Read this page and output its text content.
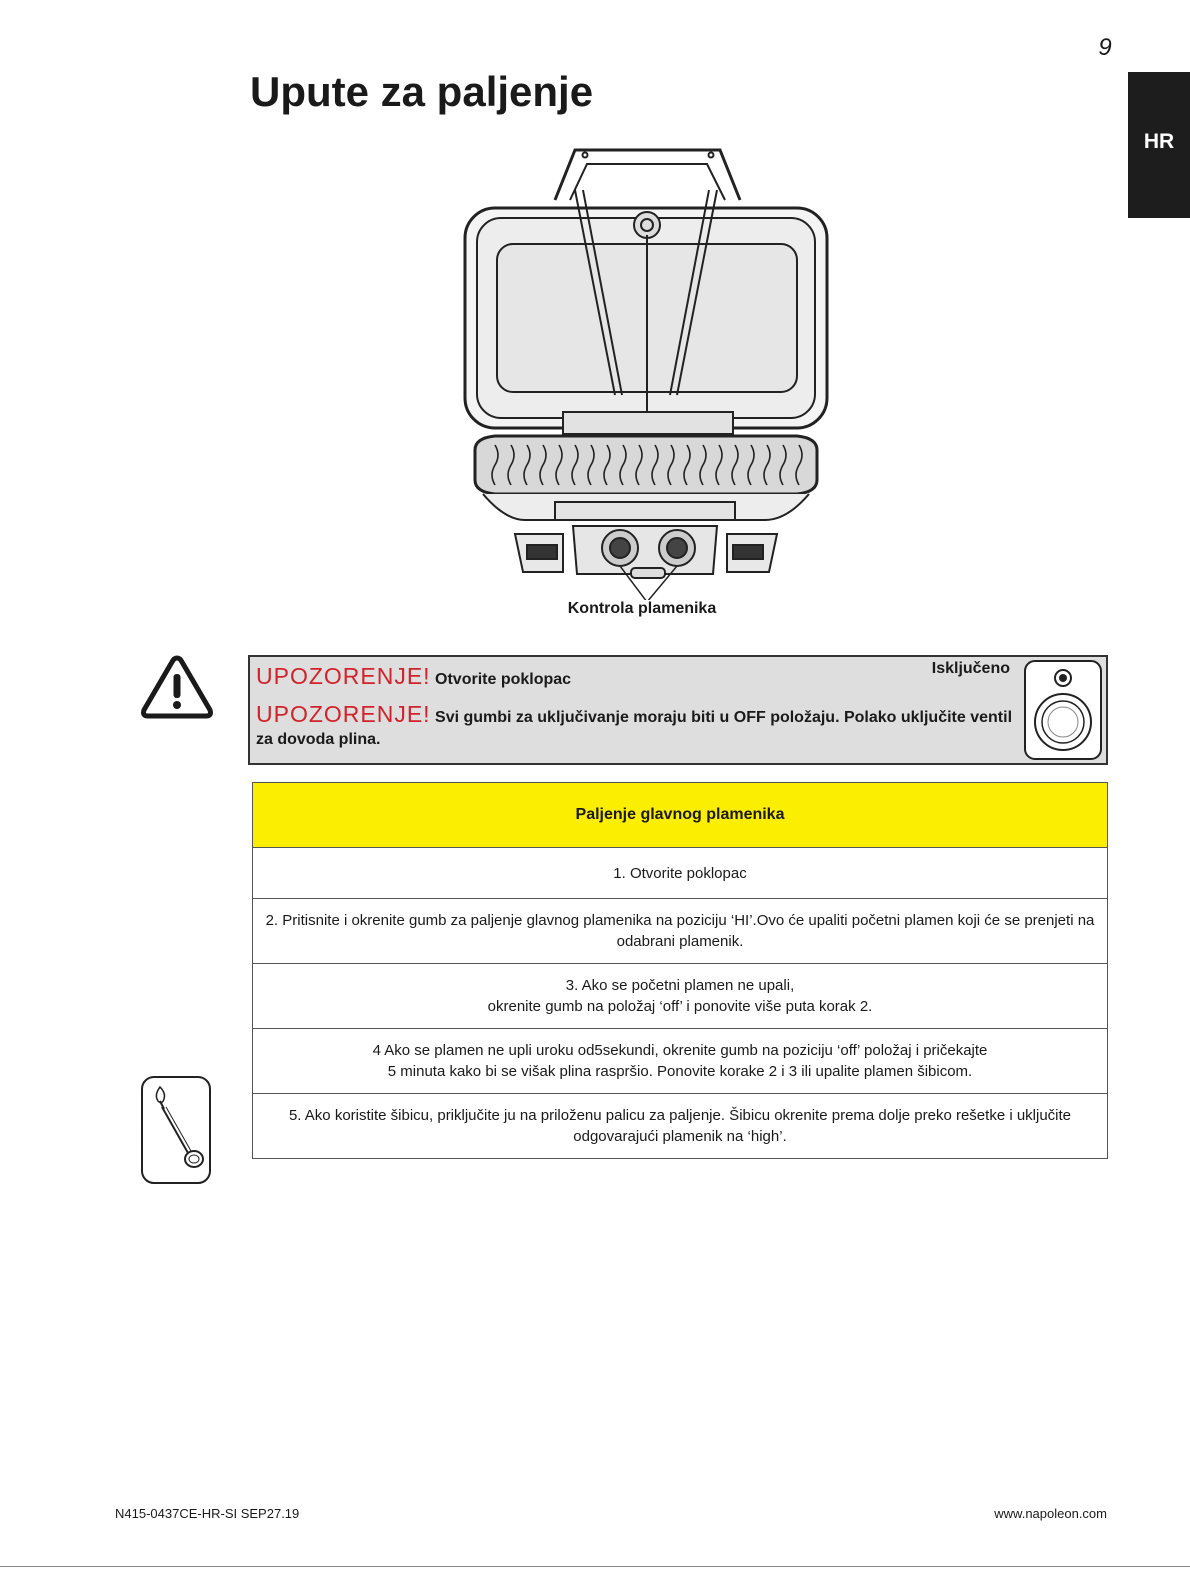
9
HR
Upute za paljenje
Kontrola plamenika
UPOZORENJE! Otvorite poklopac
UPOZORENJE! Svi gumbi za uključivanje moraju biti u OFF položaju. Polako uključite ventil za dovoda plina.
Isključeno
Paljenje glavnog plamenika
1. Otvorite poklopac
2. Pritisnite i okrenite gumb za paljenje glavnog plamenika na poziciju ‘HI’.Ovo će upaliti početni plamen koji će se prenjeti na odabrani plamenik.
3. Ako se početni plamen ne upali,
okrenite gumb na položaj ‘off’ i ponovite više puta korak 2.
4 Ako se plamen ne upli uroku od5sekundi, okrenite gumb na poziciju ‘off’ položaj i pričekajte
5 minuta kako bi se višak plina raspršio. Ponovite korake 2 i 3 ili upalite plamen šibicom.
5. Ako koristite šibicu, priključite ju na priloženu palicu za paljenje. Šibicu okrenite prema dolje preko rešetke i uključite odgovarajući plamenik na ‘high’.
N415-0437CE-HR-SI SEP27.19	www.napoleon.com
